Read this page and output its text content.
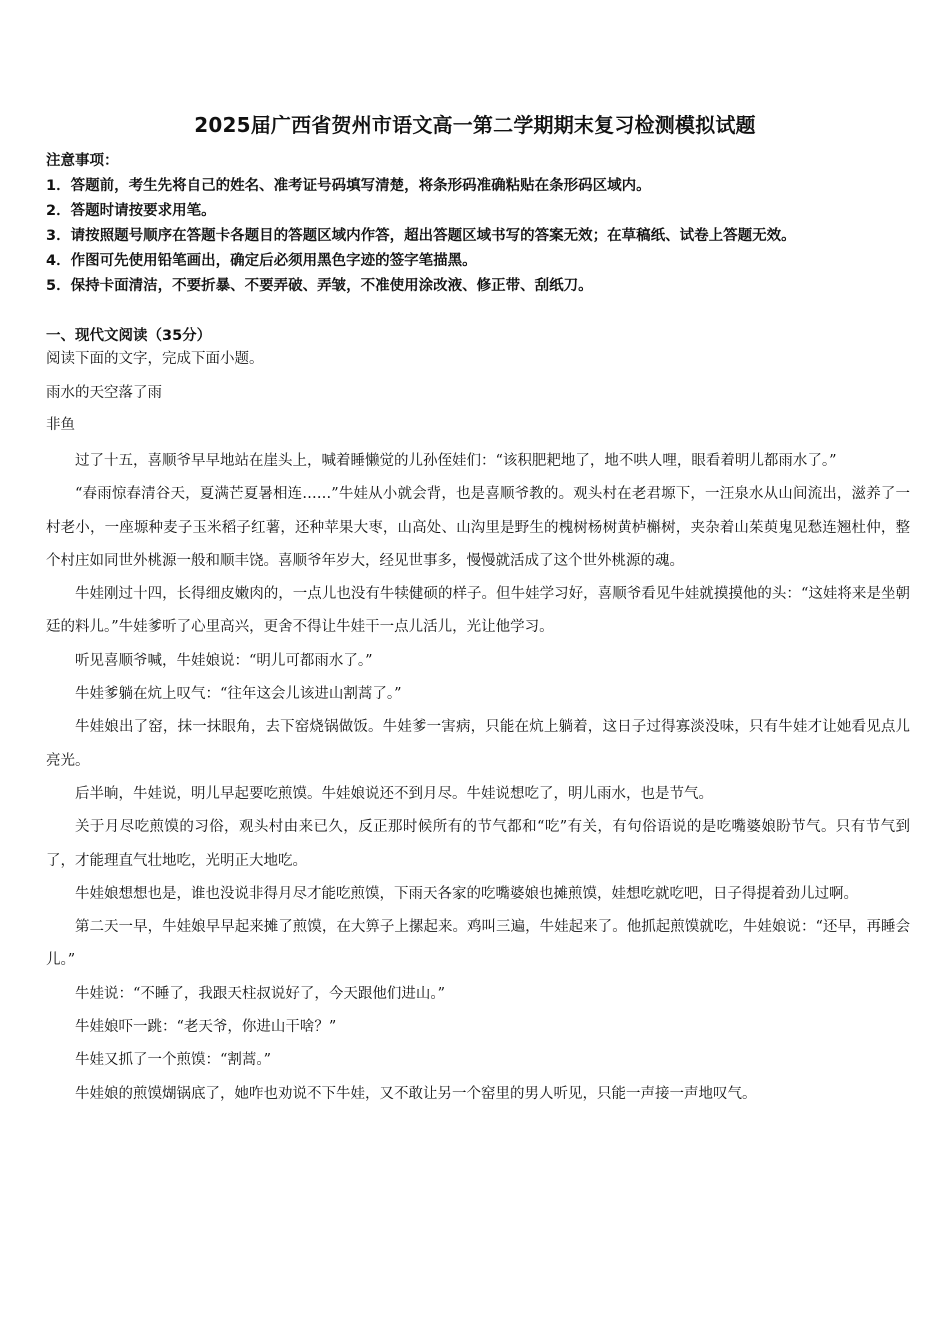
2025届广西省贺州市语文高一第二学期期末复习检测模拟试题
注意事项：
1．答题前，考生先将自己的姓名、准考证号码填写清楚，将条形码准确粘贴在条形码区域内。
2．答题时请按要求用笔。
3．请按照题号顺序在答题卡各题目的答题区域内作答，超出答题区域书写的答案无效；在草稿纸、试卷上答题无效。
4．作图可先使用铅笔画出，确定后必须用黑色字迹的签字笔描黑。
5．保持卡面清洁，不要折暴、不要弄破、弄皱，不准使用涂改液、修正带、刮纸刀。
一、现代文阅读（35分）
阅读下面的文字，完成下面小题。
雨水的天空落了雨
非鱼

过了十五，喜顺爷早早地站在崖头上，喊着睡懒觉的儿孙侄娃们：“该积肥耙地了，地不哄人哩，眼看着明儿都雨水了。”

“春雨惊春清谷天，夏满芒夏暑相连……”牛娃从小就会背，也是喜顺爷教的。观头村在老君塬下，一汪泉水从山间流出，滋养了一村老小，一座塬种麦子玉米稻子红薯，还种苹果大枣，山高处、山沟里是野生的槐树杨树黄栌槲树，夹杂着山茱萸鬼见愁连翘杜仲，整个村庄如同世外桃源一般和顺丰饶。喜顺爷年岁大，经见世事多，慢慢就活成了这个世外桃源的魂。

牛娃刚过十四，长得细皮嫩肉的，一点儿也没有牛犊健硕的样子。但牛娃学习好，喜顺爷看见牛娃就摸摸他的头：“这娃将来是坐朝廷的料儿。”牛娃爹听了心里高兴，更舍不得让牛娃干一点儿活儿，光让他学习。

听见喜顺爷喊，牛娃娘说：“明儿可都雨水了。”

牛娃爹躺在炕上叹气：“往年这会儿该进山割蒿了。”

牛娃娘出了窑，抹一抹眼角，去下窑烧锅做饭。牛娃爹一害病，只能在炕上躺着，这日子过得寡淡没味，只有牛娃才让她看见点儿亮光。

后半晌，牛娃说，明儿早起要吃煎馍。牛娃娘说还不到月尽。牛娃说想吃了，明儿雨水，也是节气。

关于月尽吃煎馍的习俗，观头村由来已久，反正那时候所有的节气都和“吃”有关，有句俗语说的是吃嘴婆娘盼节气。只有节气到了，才能理直气壮地吃，光明正大地吃。

牛娃娘想想也是，谁也没说非得月尽才能吃煎馍，下雨天各家的吃嘴婆娘也摊煎馍，娃想吃就吃吧，日子得提着劲儿过啊。

第二天一早，牛娃娘早早起来摊了煎馍，在大箅子上摞起来。鸡叫三遍，牛娃起来了。他抓起煎馍就吃，牛娃娘说：“还早，再睡会儿。”

牛娃说：“不睡了，我跟天柱叔说好了，今天跟他们进山。”

牛娃娘吓一跳：“老天爷，你进山干啥？”

牛娃又抓了一个煎馍：“割蒿。”

牛娃娘的煎馍煳锅底了，她咋也劝说不下牛娃，又不敢让另一个窑里的男人听见，只能一声接一声地叹气。
